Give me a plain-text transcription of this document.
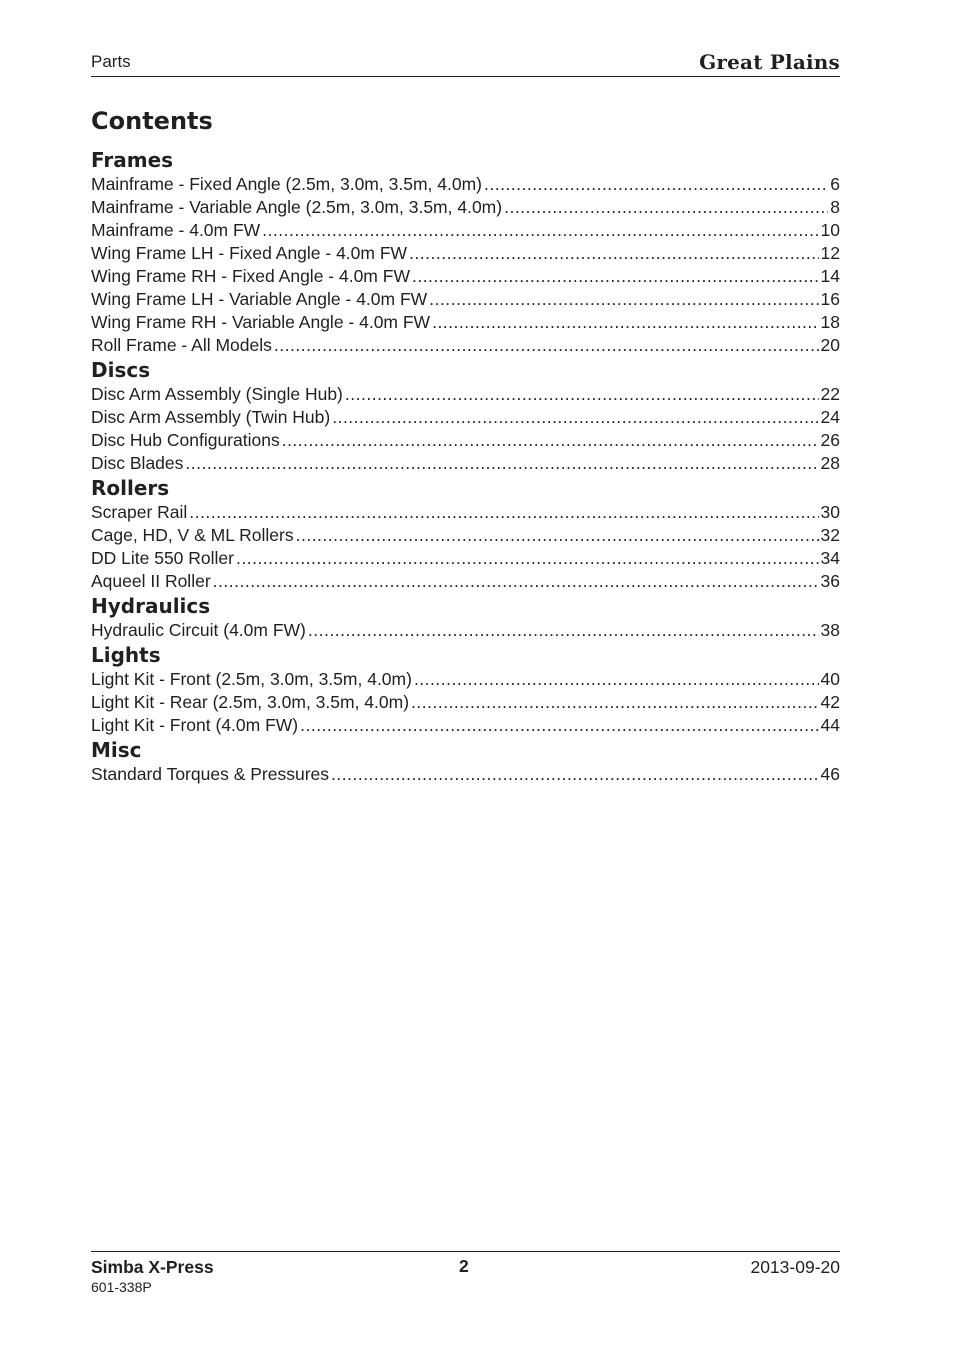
Parts	Great Plains
Contents
Frames
Mainframe - Fixed Angle (2.5m, 3.0m, 3.5m, 4.0m) .....	6
Mainframe - Variable Angle (2.5m, 3.0m, 3.5m, 4.0m) .....	8
Mainframe - 4.0m FW .....	10
Wing Frame LH - Fixed Angle - 4.0m FW .....	12
Wing Frame RH - Fixed Angle - 4.0m FW .....	14
Wing Frame LH - Variable Angle - 4.0m FW .....	16
Wing Frame RH - Variable Angle - 4.0m FW .....	18
Roll Frame - All Models .....	20
Discs
Disc Arm Assembly (Single Hub) .....	22
Disc Arm Assembly (Twin Hub) .....	24
Disc Hub Configurations .....	26
Disc Blades .....	28
Rollers
Scraper Rail .....	30
Cage, HD, V & ML Rollers .....	32
DD Lite 550 Roller .....	34
Aqueel II Roller .....	36
Hydraulics
Hydraulic Circuit (4.0m FW) .....	38
Lights
Light Kit - Front (2.5m, 3.0m, 3.5m, 4.0m) .....	40
Light Kit - Rear (2.5m, 3.0m, 3.5m, 4.0m) .....	42
Light Kit - Front (4.0m FW) .....	44
Misc
Standard Torques & Pressures .....	46
Simba X-Press
601-338P
2	2013-09-20
